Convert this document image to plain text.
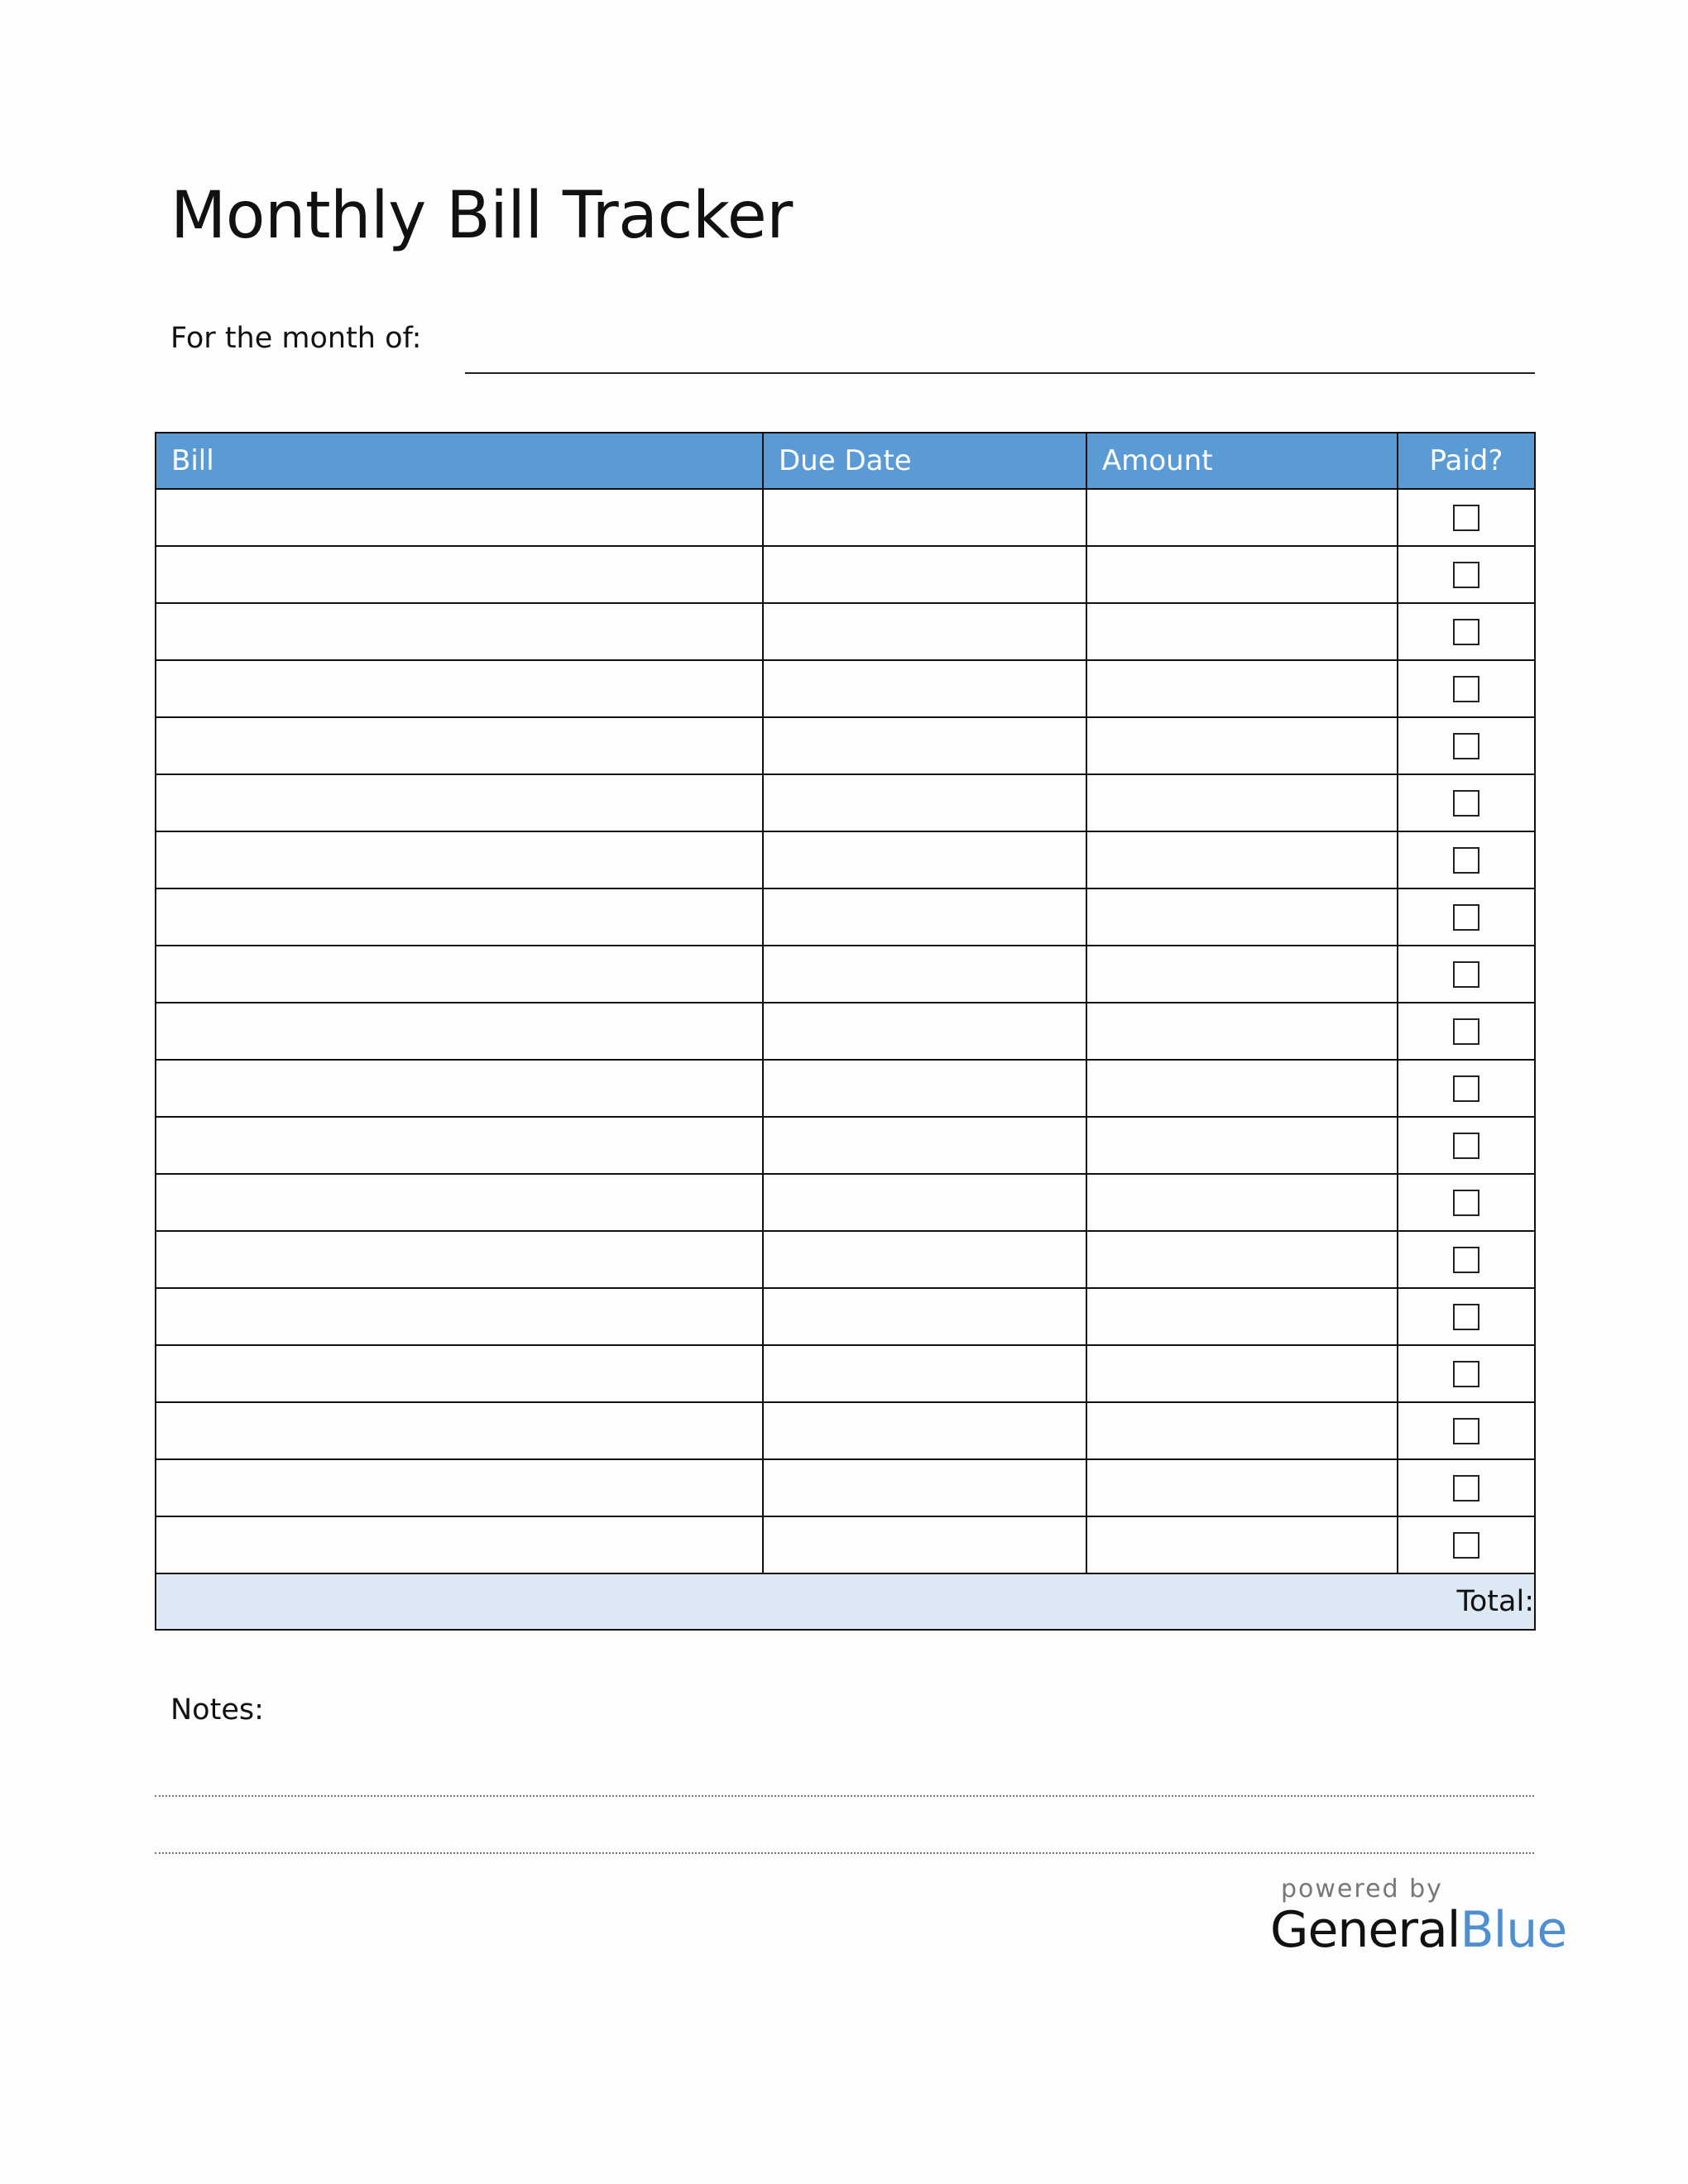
Monthly Bill Tracker
For the month of:
Bill	Due Date	Amount	Paid?

Total:			
Notes:
powered by
GeneralBlue
